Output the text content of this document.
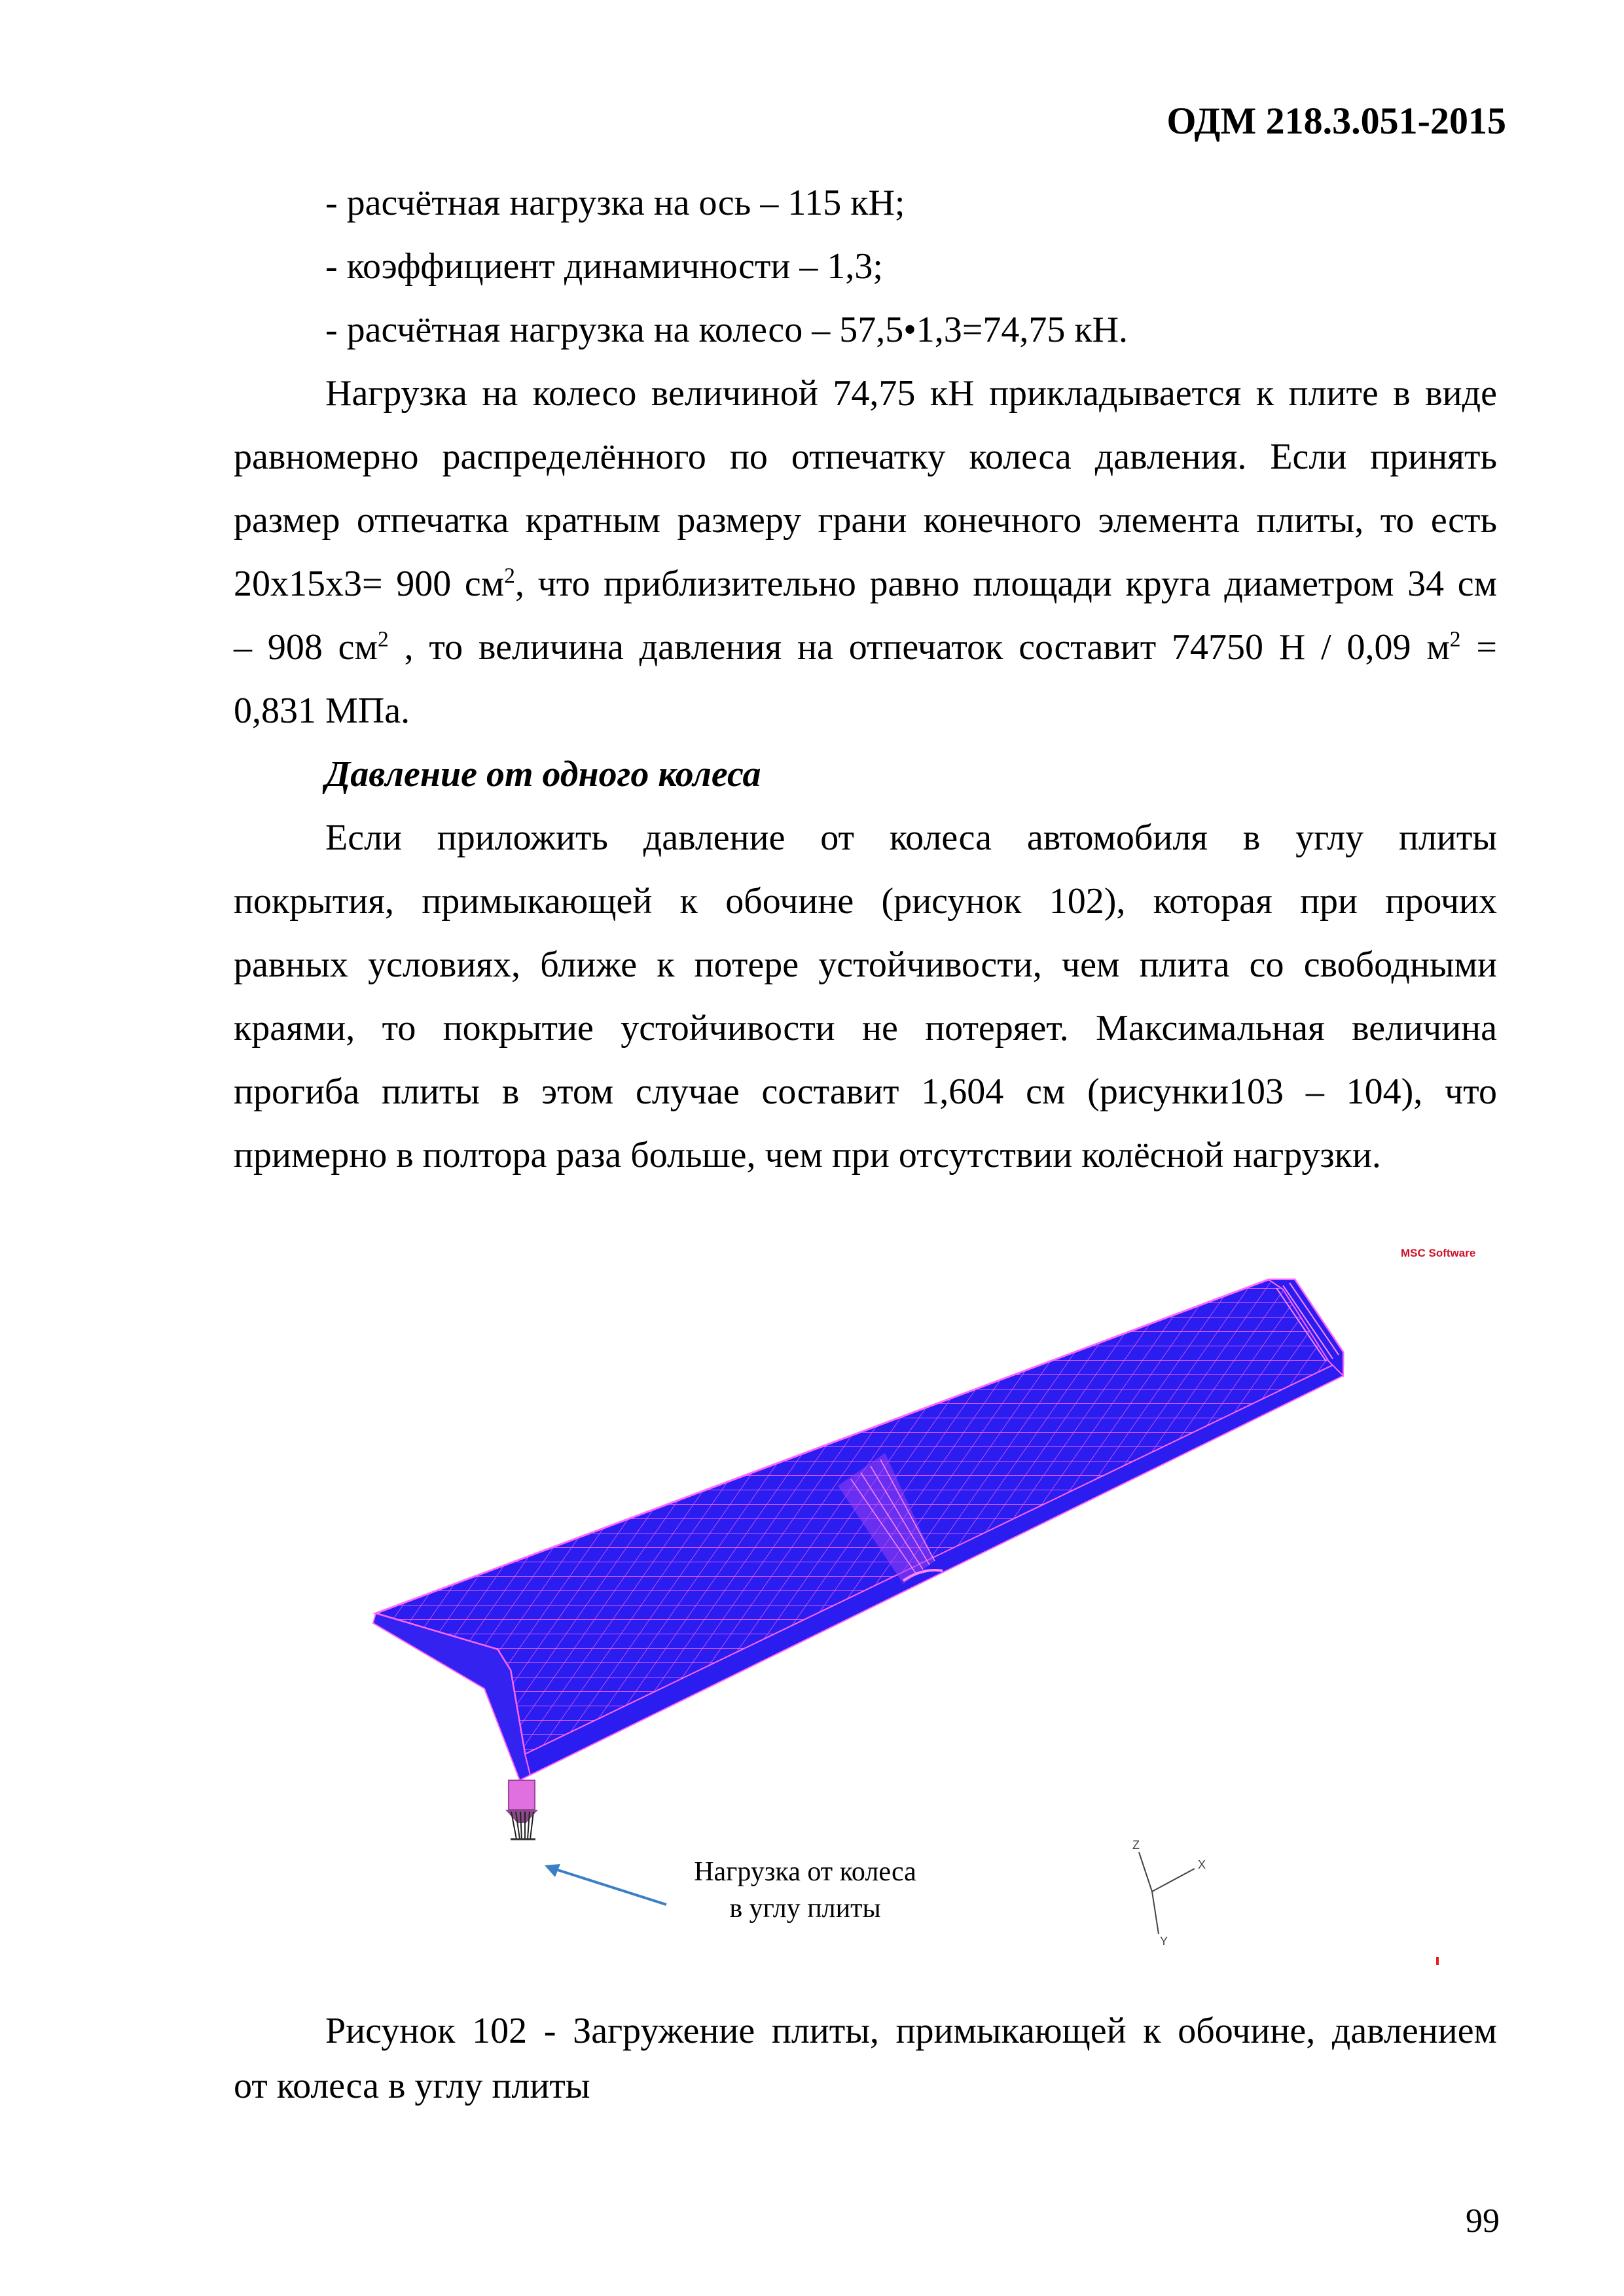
ОДМ 218.3.051-2015
- расчётная нагрузка на ось – 115 кН;
- коэффициент динамичности – 1,3;
- расчётная нагрузка на колесо – 57,5•1,3=74,75 кН.
Нагрузка на колесо величиной 74,75 кН прикладывается к плите в виде
равномерно распределённого по отпечатку колеса давления. Если принять
размер отпечатка кратным размеру грани конечного элемента плиты, то есть
20х15х3= 900 $см^2$, что приблизительно равно площади круга диаметром 34 см
– 908 $см^2$ , то величина давления на отпечаток составит 74750 Н / 0,09 $м^2$ =
0,831 МПа.
Давление от одного колеса
Если приложить давление от колеса автомобиля в углу плиты
покрытия, примыкающей к обочине (рисунок 102), которая при прочих
равных условиях, ближе к потере устойчивости, чем плита со свободными
краями, то покрытие устойчивости не потеряет. Максимальная величина
прогиба плиты в этом случае составит 1,604 см (рисунки103 – 104), что
примерно в полтора раза больше, чем при отсутствии колёсной нагрузки.
MSC Software
X
Z
Y
Нагрузка от колеса
в углу плиты
Рисунок 102 - Загружение плиты, примыкающей к обочине, давлением
от колеса в углу плиты
99
